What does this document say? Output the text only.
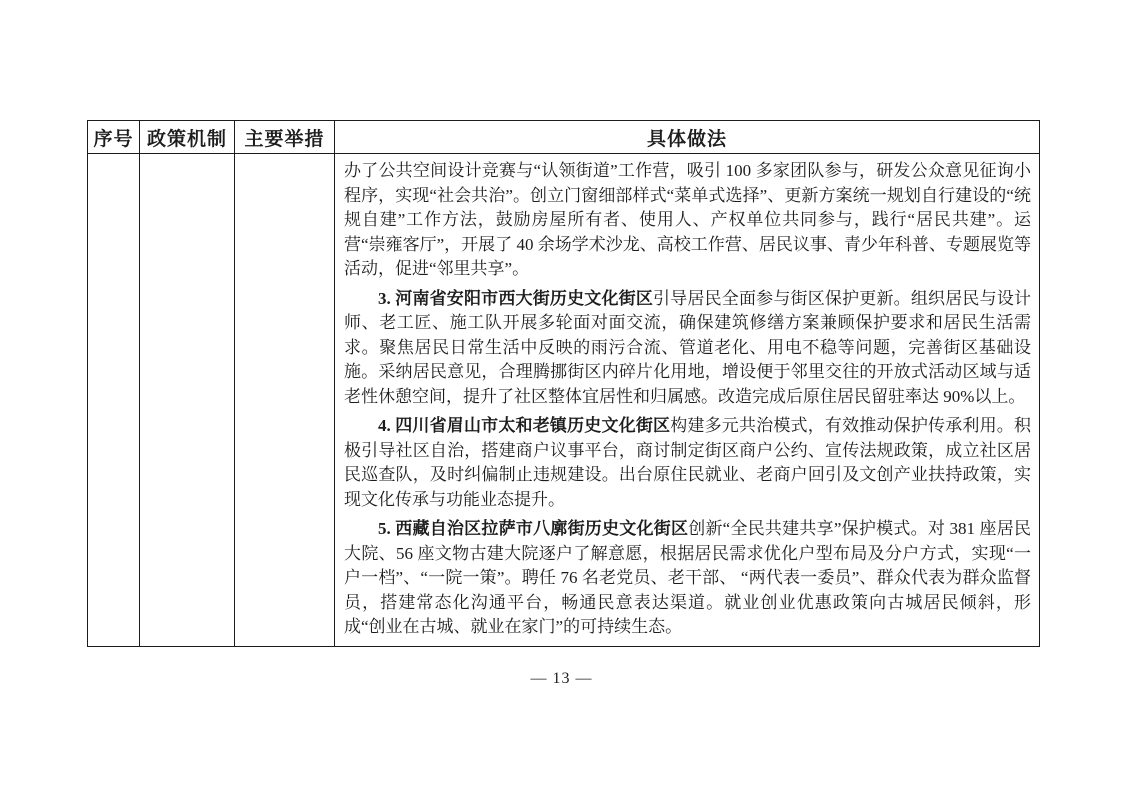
序号	政策机制	主要举措	具体做法

			办了公共空间设计竞赛与“认领街道”工作营，吸引 100 多家团队参与，研发公众意见征询小程序，实现“社会共治”。创立门窗细部样式“菜单式选择”、更新方案统一规划自行建设的“统规自建”工作方法，鼓励房屋所有者、使用人、产权单位共同参与，践行“居民共建”。运营“崇雍客厅”，开展了 40 余场学术沙龙、高校工作营、居民议事、青少年科普、专题展览等活动，促进“邻里共享”。

3. 河南省安阳市西大街历史文化街区引导居民全面参与街区保护更新。组织居民与设计师、老工匠、施工队开展多轮面对面交流，确保建筑修缮方案兼顾保护要求和居民生活需求。聚焦居民日常生活中反映的雨污合流、管道老化、用电不稳等问题，完善街区基础设施。采纳居民意见，合理腾挪街区内碎片化用地，增设便于邻里交往的开放式活动区域与适老性休憩空间，提升了社区整体宜居性和归属感。改造完成后原住居民留驻率达 90%以上。

4. 四川省眉山市太和老镇历史文化街区构建多元共治模式，有效推动保护传承利用。积极引导社区自治，搭建商户议事平台，商讨制定街区商户公约、宣传法规政策，成立社区居民巡查队，及时纠偏制止违规建设。出台原住民就业、老商户回引及文创产业扶持政策，实现文化传承与功能业态提升。

5. 西藏自治区拉萨市八廓街历史文化街区创新“全民共建共享”保护模式。对 381 座居民大院、56 座文物古建大院逐户了解意愿，根据居民需求优化户型布局及分户方式，实现“一户一档”、“一院一策”。聘任 76 名老党员、老干部、 “两代表一委员”、群众代表为群众监督员，搭建常态化沟通平台，畅通民意表达渠道。就业创业优惠政策向古城居民倾斜，形成“创业在古城、就业在家门”的可持续生态。

— 13 —
